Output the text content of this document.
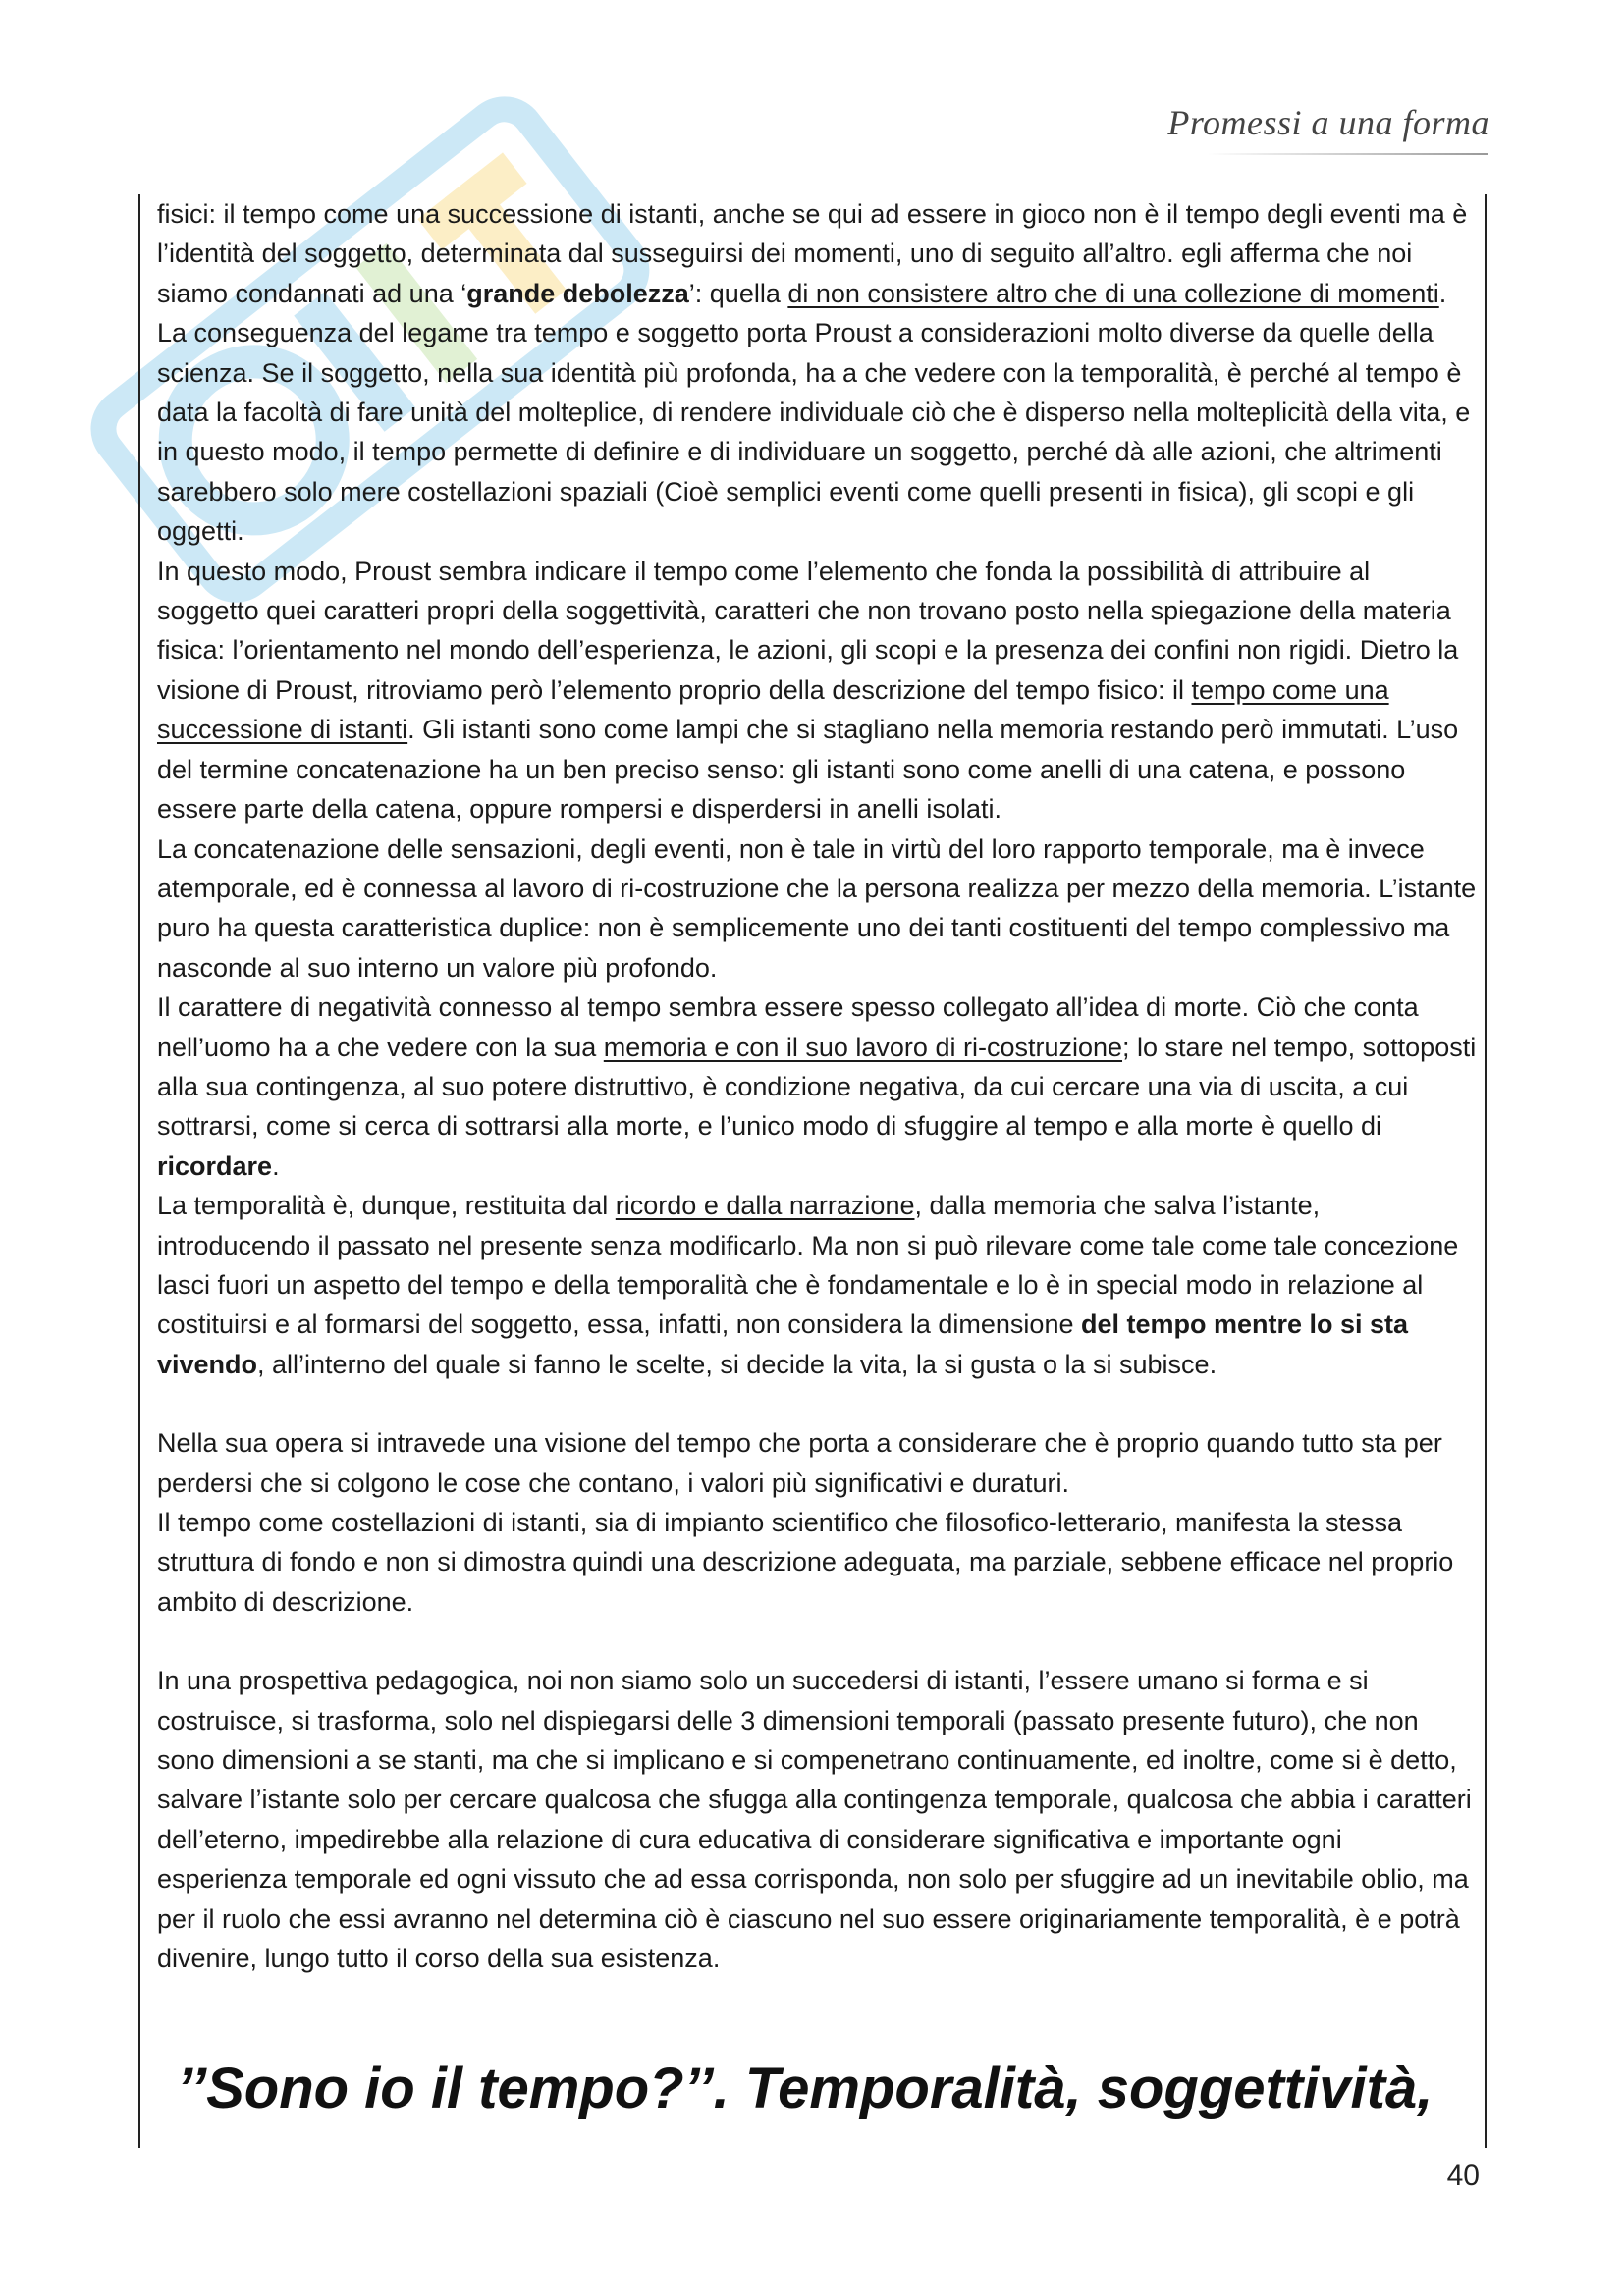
Promessi a una forma

fisici: il tempo come una successione di istanti, anche se qui ad essere in gioco non è il tempo degli eventi ma è l’identità del soggetto, determinata dal susseguirsi dei momenti, uno di seguito all’altro. egli afferma che noi siamo condannati ad una ‘grande debolezza’: quella di non consistere altro che di una collezione di momenti.

La conseguenza del legame tra tempo e soggetto porta Proust a considerazioni molto diverse da quelle della scienza. Se il soggetto, nella sua identità più profonda, ha a che vedere con la temporalità, è perché al tempo è data la facoltà di fare unità del molteplice, di rendere individuale ciò che è disperso nella molteplicità della vita, e in questo modo, il tempo permette di definire e di individuare un soggetto, perché dà alle azioni, che altrimenti sarebbero solo mere costellazioni spaziali (Cioè semplici eventi come quelli presenti in fisica), gli scopi e gli oggetti.

In questo modo, Proust sembra indicare il tempo come l’elemento che fonda la possibilità di attribuire al soggetto quei caratteri propri della soggettività, caratteri che non trovano posto nella spiegazione della materia fisica: l’orientamento nel mondo dell’esperienza, le azioni, gli scopi e la presenza dei confini non rigidi. Dietro la visione di Proust, ritroviamo però l’elemento proprio della descrizione del tempo fisico: il tempo come una successione di istanti. Gli istanti sono come lampi che si stagliano nella memoria restando però immutati. L’uso del termine concatenazione ha un ben preciso senso: gli istanti sono come anelli di una catena, e possono essere parte della catena, oppure rompersi e disperdersi in anelli isolati.

La concatenazione delle sensazioni, degli eventi, non è tale in virtù del loro rapporto temporale, ma è invece atemporale, ed è connessa al lavoro di ri-costruzione che la persona realizza per mezzo della memoria. L’istante puro ha questa caratteristica duplice: non è semplicemente uno dei tanti costituenti del tempo complessivo ma nasconde al suo interno un valore più profondo.

Il carattere di negatività connesso al tempo sembra essere spesso collegato all’idea di morte. Ciò che conta nell’uomo ha a che vedere con la sua memoria e con il suo lavoro di ri-costruzione; lo stare nel tempo, sottoposti alla sua contingenza, al suo potere distruttivo, è condizione negativa, da cui cercare una via di uscita, a cui sottrarsi, come si cerca di sottrarsi alla morte, e l’unico modo di sfuggire al tempo e alla morte è quello di ricordare.

La temporalità è, dunque, restituita dal ricordo e dalla narrazione, dalla memoria che salva l’istante, introducendo il passato nel presente senza modificarlo. Ma non si può rilevare come tale come tale concezione lasci fuori un aspetto del tempo e della temporalità che è fondamentale e lo è in special modo in relazione al costituirsi e al formarsi del soggetto, essa, infatti, non considera la dimensione del tempo mentre lo si sta vivendo, all’interno del quale si fanno le scelte, si decide la vita, la si gusta o la si subisce.

Nella sua opera si intravede una visione del tempo che porta a considerare che è proprio quando tutto sta per perdersi che si colgono le cose che contano, i valori più significativi e duraturi.

Il tempo come costellazioni di istanti, sia di impianto scientifico che filosofico-letterario, manifesta la stessa struttura di fondo e non si dimostra quindi una descrizione adeguata, ma parziale, sebbene efficace nel proprio ambito di descrizione.

In una prospettiva pedagogica, noi non siamo solo un succedersi di istanti, l’essere umano si forma e si costruisce, si trasforma, solo nel dispiegarsi delle 3 dimensioni temporali (passato presente futuro), che non sono dimensioni a se stanti, ma che si implicano e si compenetrano continuamente, ed inoltre, come si è detto, salvare l’istante solo per cercare qualcosa che sfugga alla contingenza temporale, qualcosa che abbia i caratteri dell’eterno, impedirebbe alla relazione di cura educativa di considerare significativa e importante ogni esperienza temporale ed ogni vissuto che ad essa corrisponda, non solo per sfuggire ad un inevitabile oblio, ma per il ruolo che essi avranno nel determina ciò è ciascuno nel suo essere originariamente temporalità, è e potrà divenire, lungo tutto il corso della sua esistenza.

’’Sono io il tempo?’’. Temporalità, soggettività,
40
